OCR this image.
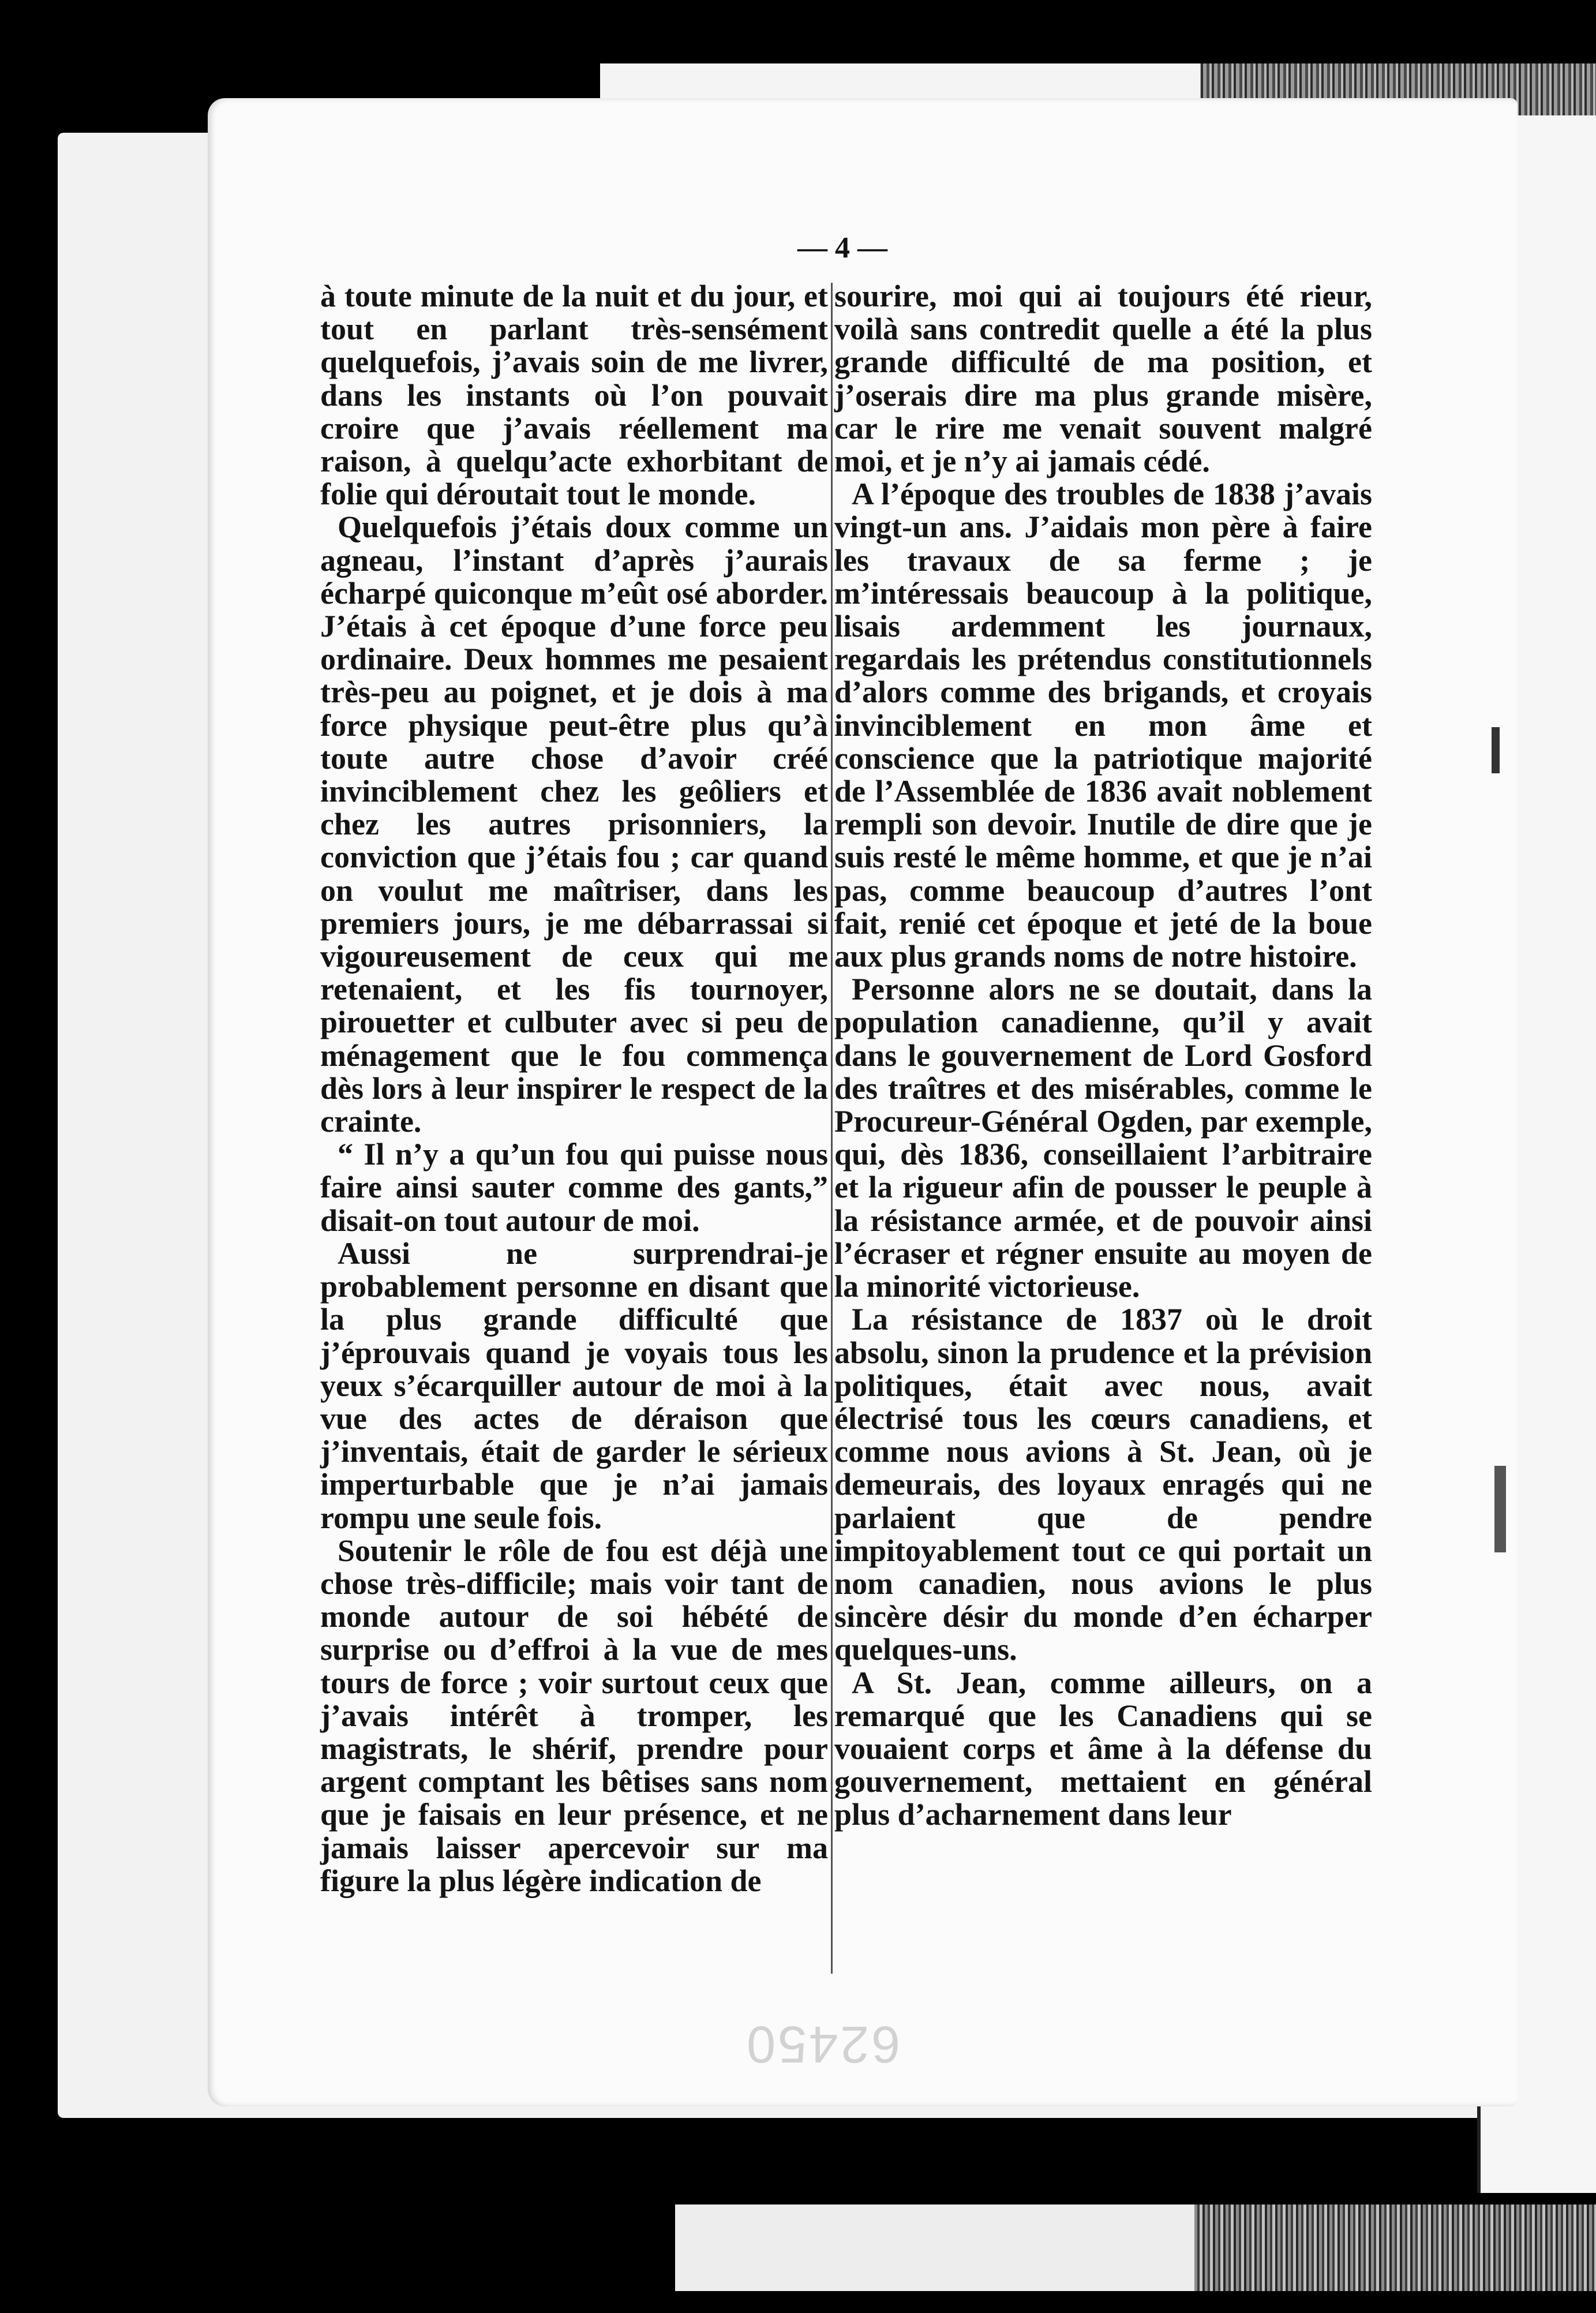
— 4 —

à toute minute de la nuit et du jour, et tout en parlant très-sensément quelquefois, j’avais soin de me livrer, dans les instants où l’on pouvait croire que j’avais réellement ma raison, à quelqu’acte exhorbitant de folie qui déroutait tout le monde.

Quelquefois j’étais doux comme un agneau, l’instant d’après j’aurais écharpé quiconque m’eût osé aborder. J’étais à cet époque d’une force peu ordinaire. Deux hommes me pesaient très-peu au poignet, et je dois à ma force physique peut-être plus qu’à toute autre chose d’avoir créé invinciblement chez les geôliers et chez les autres prisonniers, la conviction que j’étais fou ; car quand on voulut me maîtriser, dans les premiers jours, je me débarrassai si vigoureusement de ceux qui me retenaient, et les fis tournoyer, pirouetter et culbuter avec si peu de ménagement que le fou commença dès lors à leur inspirer le respect de la crainte.

“ Il n’y a qu’un fou qui puisse nous faire ainsi sauter comme des gants,” disait-on tout autour de moi.

Aussi ne surprendrai-je probablement personne en disant que la plus grande difficulté que j’éprouvais quand je voyais tous les yeux s’écarquiller autour de moi à la vue des actes de déraison que j’inventais, était de garder le sérieux imperturbable que je n’ai jamais rompu une seule fois.

Soutenir le rôle de fou est déjà une chose très-difficile; mais voir tant de monde autour de soi hébété de surprise ou d’effroi à la vue de mes tours de force ; voir surtout ceux que j’avais intérêt à tromper, les magistrats, le shérif, prendre pour argent comptant les bêtises sans nom que je faisais en leur présence, et ne jamais laisser apercevoir sur ma figure la plus légère indication de

sourire, moi qui ai toujours été rieur, voilà sans contredit quelle a été la plus grande difficulté de ma position, et j’oserais dire ma plus grande misère, car le rire me venait souvent malgré moi, et je n’y ai jamais cédé.

A l’époque des troubles de 1838 j’avais vingt-un ans. J’aidais mon père à faire les travaux de sa ferme ; je m’intéressais beaucoup à la politique, lisais ardemment les journaux, regardais les prétendus constitutionnels d’alors comme des brigands, et croyais invinciblement en mon âme et conscience que la patriotique majorité de l’Assemblée de 1836 avait noblement rempli son devoir. Inutile de dire que je suis resté le même homme, et que je n’ai pas, comme beaucoup d’autres l’ont fait, renié cet époque et jeté de la boue aux plus grands noms de notre histoire.

Personne alors ne se doutait, dans la population canadienne, qu’il y avait dans le gouvernement de Lord Gosford des traîtres et des misérables, comme le Procureur-Général Ogden, par exemple, qui, dès 1836, conseillaient l’arbitraire et la rigueur afin de pousser le peuple à la résistance armée, et de pouvoir ainsi l’écraser et régner ensuite au moyen de la minorité victorieuse.

La résistance de 1837 où le droit absolu, sinon la prudence et la prévision politiques, était avec nous, avait électrisé tous les cœurs canadiens, et comme nous avions à St. Jean, où je demeurais, des loyaux enragés qui ne parlaient que de pendre impitoyablement tout ce qui portait un nom canadien, nous avions le plus sincère désir du monde d’en écharper quelques-uns.

A St. Jean, comme ailleurs, on a remarqué que les Canadiens qui se vouaient corps et âme à la défense du gouvernement, mettaient en général plus d’acharnement dans leur

62450
